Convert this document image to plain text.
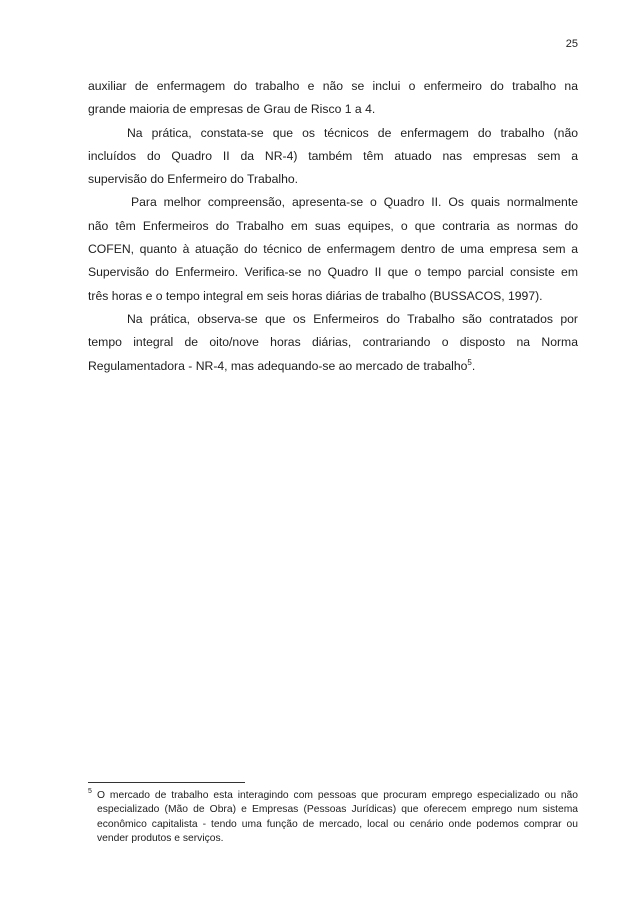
25
auxiliar de enfermagem do trabalho e não se inclui o enfermeiro do trabalho na
grande maioria de empresas de Grau de Risco 1 a 4.
Na prática, constata-se que os técnicos de enfermagem do trabalho (não
incluídos do Quadro II da NR-4) também têm atuado nas empresas sem a
supervisão do Enfermeiro do Trabalho.
Para melhor compreensão, apresenta-se o Quadro II. Os quais normalmente
não têm Enfermeiros do Trabalho em suas equipes, o que contraria as normas do
COFEN, quanto à atuação do técnico de enfermagem dentro de uma empresa sem a
Supervisão do Enfermeiro. Verifica-se no Quadro II que o tempo parcial consiste em
três horas e o tempo integral em seis horas diárias de trabalho (BUSSACOS, 1997).
Na prática, observa-se que os Enfermeiros do Trabalho são contratados por
tempo integral de oito/nove horas diárias, contrariando o disposto na Norma
Regulamentadora - NR-4, mas adequando-se ao mercado de trabalho$^5$.
5 O mercado de trabalho esta interagindo com pessoas que procuram emprego especializado ou não
especializado (Mão de Obra) e Empresas (Pessoas Jurídicas) que oferecem emprego num sistema
econômico capitalista - tendo uma função de mercado, local ou cenário onde podemos comprar ou
vender produtos e serviços.
